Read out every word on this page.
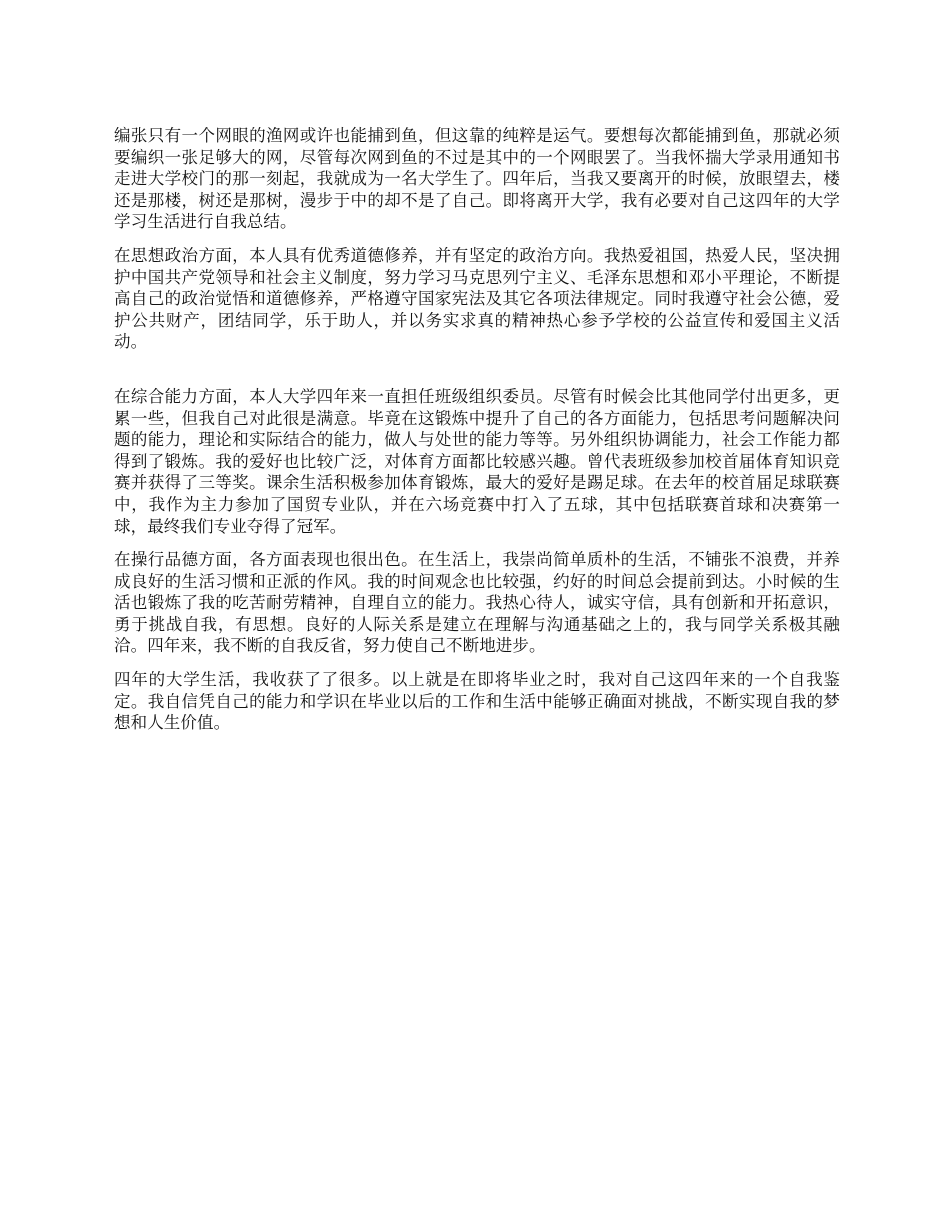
编张只有一个网眼的渔网或许也能捕到鱼，但这靠的纯粹是运气。要想每次都能捕到鱼，那就必须要编织一张足够大的网，尽管每次网到鱼的不过是其中的一个网眼罢了。当我怀揣大学录用通知书走进大学校门的那一刻起，我就成为一名大学生了。四年后，当我又要离开的时候，放眼望去，楼还是那楼，树还是那树，漫步于中的却不是了自己。即将离开大学，我有必要对自己这四年的大学学习生活进行自我总结。

在思想政治方面，本人具有优秀道德修养，并有坚定的政治方向。我热爱祖国，热爱人民，坚决拥护中国共产党领导和社会主义制度，努力学习马克思列宁主义、毛泽东思想和邓小平理论，不断提高自己的政治觉悟和道德修养，严格遵守国家宪法及其它各项法律规定。同时我遵守社会公德，爱护公共财产，团结同学，乐于助人，并以务实求真的精神热心参予学校的公益宣传和爱国主义活动。

在综合能力方面，本人大学四年来一直担任班级组织委员。尽管有时候会比其他同学付出更多，更累一些，但我自己对此很是满意。毕竟在这锻炼中提升了自己的各方面能力，包括思考问题解决问题的能力，理论和实际结合的能力，做人与处世的能力等等。另外组织协调能力，社会工作能力都得到了锻炼。我的爱好也比较广泛，对体育方面都比较感兴趣。曾代表班级参加校首届体育知识竞赛并获得了三等奖。课余生活积极参加体育锻炼，最大的爱好是踢足球。在去年的校首届足球联赛中，我作为主力参加了国贸专业队，并在六场竞赛中打入了五球，其中包括联赛首球和决赛第一球，最终我们专业夺得了冠军。

在操行品德方面，各方面表现也很出色。在生活上，我崇尚简单质朴的生活，不铺张不浪费，并养成良好的生活习惯和正派的作风。我的时间观念也比较强，约好的时间总会提前到达。小时候的生活也锻炼了我的吃苦耐劳精神，自理自立的能力。我热心待人，诚实守信，具有创新和开拓意识，勇于挑战自我，有思想。良好的人际关系是建立在理解与沟通基础之上的，我与同学关系极其融洽。四年来，我不断的自我反省，努力使自己不断地进步。

四年的大学生活，我收获了了很多。以上就是在即将毕业之时，我对自己这四年来的一个自我鉴定。我自信凭自己的能力和学识在毕业以后的工作和生活中能够正确面对挑战，不断实现自我的梦想和人生价值。
